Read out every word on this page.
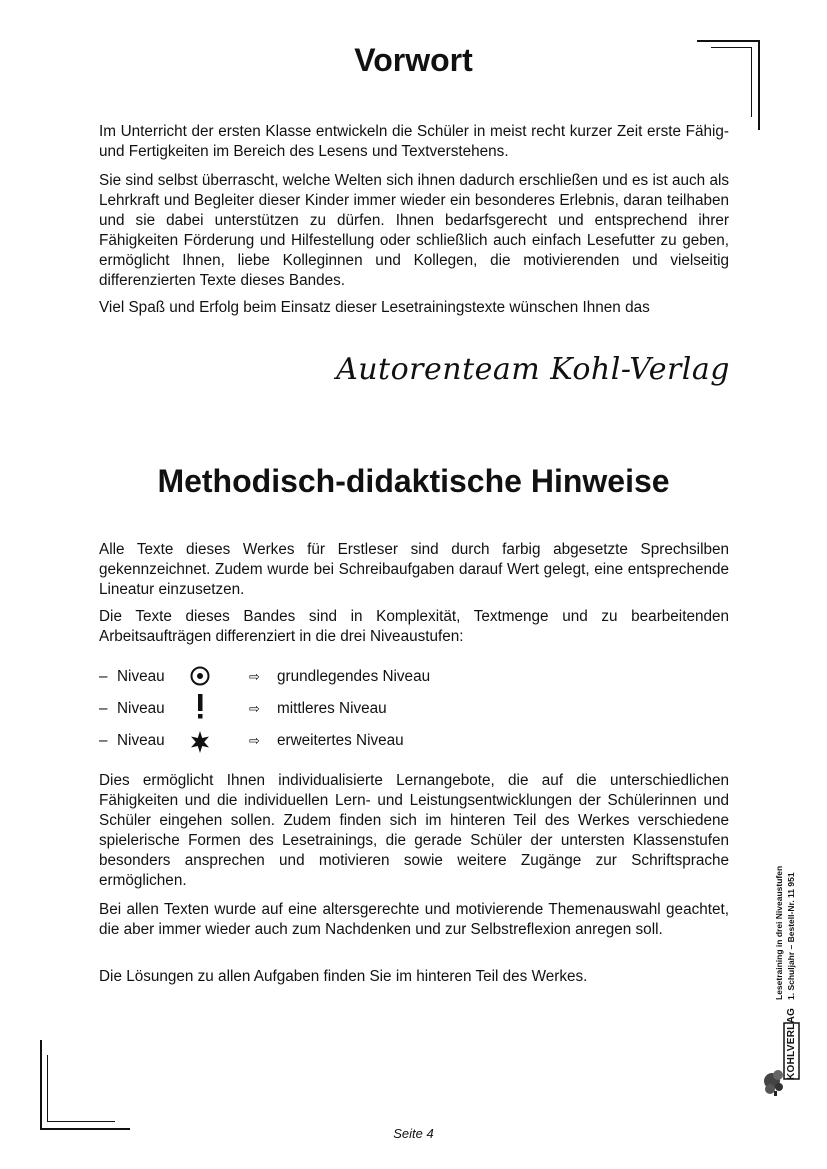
Vorwort

Im Unterricht der ersten Klasse entwickeln die Schüler in meist recht kurzer Zeit erste Fähig- und Fertigkeiten im Bereich des Lesens und Textverstehens.

Sie sind selbst überrascht, welche Welten sich ihnen dadurch erschließen und es ist auch als Lehrkraft und Begleiter dieser Kinder immer wieder ein besonderes Erlebnis, daran teilhaben und sie dabei unterstützen zu dürfen. Ihnen bedarfsgerecht und entsprechend ihrer Fähigkeiten Förderung und Hilfestellung oder schließlich auch einfach Lesefutter zu geben, ermöglicht Ihnen, liebe Kolleginnen und Kollegen, die motivierenden und vielseitig differenzierten Texte dieses Bandes.

Viel Spaß und Erfolg beim Einsatz dieser Lesetrainingstexte wünschen Ihnen das

Autorenteam Kohl-Verlag
Methodisch-didaktische Hinweise

Alle Texte dieses Werkes für Erstleser sind durch farbig abgesetzte Sprechsilben gekennzeichnet. Zudem wurde bei Schreibaufgaben darauf Wert gelegt, eine entsprechende Lineatur einzusetzen.

Die Texte dieses Bandes sind in Komplexität, Textmenge und zu bearbeitenden Arbeitsaufträgen differenziert in die drei Niveaustufen:

– Niveau	⇨ grundlegendes Niveau
– Niveau	⇨ mittleres Niveau
– Niveau	⇨ erweitertes Niveau

Dies ermöglicht Ihnen individualisierte Lernangebote, die auf die unterschiedlichen Fähigkeiten und die individuellen Lern- und Leistungsentwicklungen der Schülerinnen und Schüler eingehen sollen. Zudem finden sich im hinteren Teil des Werkes verschiedene spielerische Formen des Lesetrainings, die gerade Schüler der untersten Klassenstufen besonders ansprechen und motivieren sowie weitere Zugänge zur Schriftsprache ermöglichen.

Bei allen Texten wurde auf eine altersgerechte und motivierende Themenauswahl geachtet, die aber immer wieder auch zum Nachdenken und zur Selbstreflexion anregen soll.

Die Lösungen zu allen Aufgaben finden Sie im hinteren Teil des Werkes.	Lesetraining in drei Niveaustufen 1. Schuljahr – Bestell-Nr. 11 951
KOHLVERLAG
Seite 4
